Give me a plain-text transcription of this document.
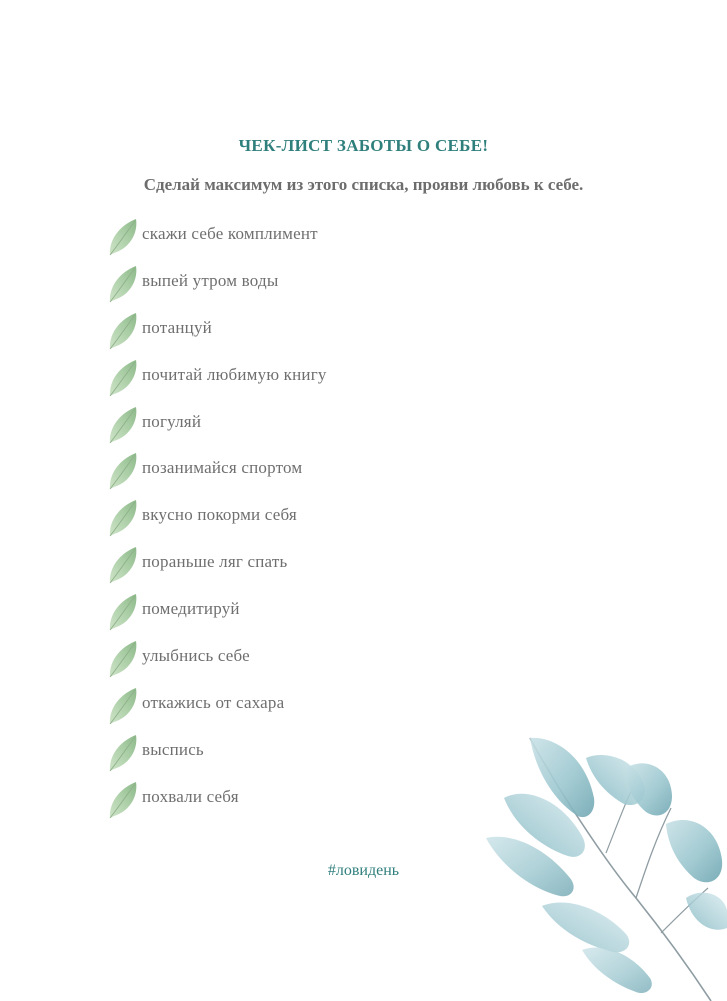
ЧЕК-ЛИСТ ЗАБОТЫ О СЕБЕ!
Сделай максимум из этого списка, прояви любовь к себе.
скажи себе комплимент
выпей утром воды
потанцуй
почитай любимую книгу
погуляй
позанимайся спортом
вкусно покорми себя
пораньше ляг спать
помедитируй
улыбнись себе
откажись от сахара
выспись
похвали себя
#ловидень
